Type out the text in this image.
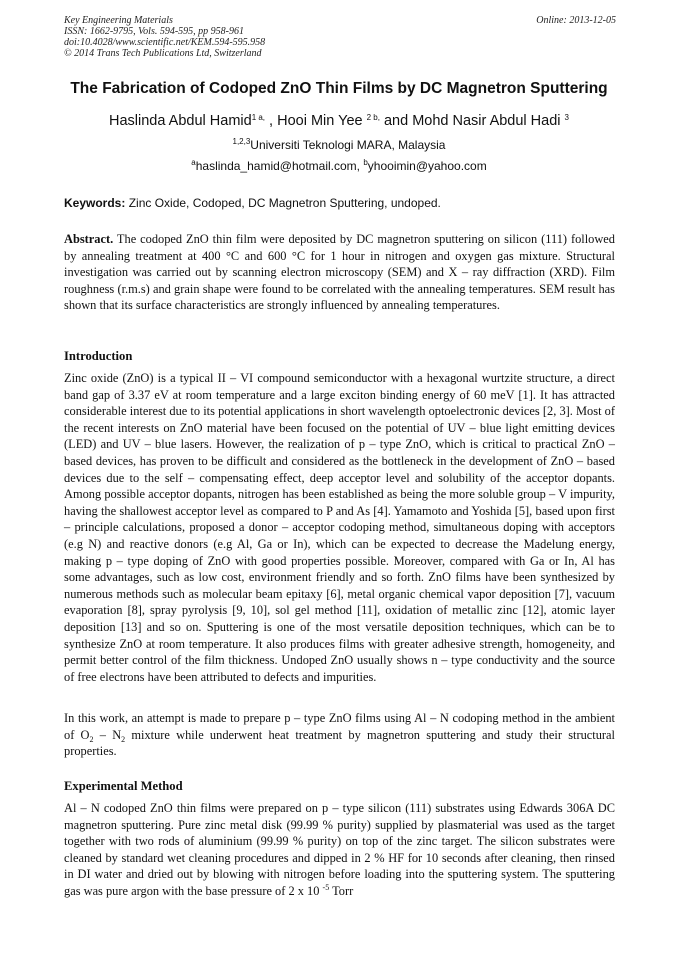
Key Engineering Materials
ISSN: 1662-9795, Vols. 594-595, pp 958-961
doi:10.4028/www.scientific.net/KEM.594-595.958
© 2014 Trans Tech Publications Ltd, Switzerland
Online: 2013-12-05
The Fabrication of Codoped ZnO Thin Films by DC Magnetron Sputtering
Haslinda Abdul Hamid$^{1 a,}$ , Hooi Min Yee $^{2 b,}$ and Mohd Nasir Abdul Hadi $^3$
$^{1,2,3}$Universiti Teknologi MARA, Malaysia
$^a$haslinda_hamid@hotmail.com, $^b$yhooimin@yahoo.com
Keywords: Zinc Oxide, Codoped, DC Magnetron Sputtering, undoped.
Abstract. The codoped ZnO thin film were deposited by DC magnetron sputtering on silicon (111) followed by annealing treatment at 400 °C and 600 °C for 1 hour in nitrogen and oxygen gas mixture. Structural investigation was carried out by scanning electron microscopy (SEM) and X – ray diffraction (XRD). Film roughness (r.m.s) and grain shape were found to be correlated with the annealing temperatures. SEM result has shown that its surface characteristics are strongly influenced by annealing temperatures.
Introduction
Zinc oxide (ZnO) is a typical II – VI compound semiconductor with a hexagonal wurtzite structure, a direct band gap of 3.37 eV at room temperature and a large exciton binding energy of 60 meV [1]. It has attracted considerable interest due to its potential applications in short wavelength optoelectronic devices [2, 3]. Most of the recent interests on ZnO material have been focused on the potential of UV – blue light emitting devices (LED) and UV – blue lasers. However, the realization of p – type ZnO, which is critical to practical ZnO – based devices, has proven to be difficult and considered as the bottleneck in the development of ZnO – based devices due to the self – compensating effect, deep acceptor level and solubility of the acceptor dopants. Among possible acceptor dopants, nitrogen has been established as being the more soluble group – V impurity, having the shallowest acceptor level as compared to P and As [4]. Yamamoto and Yoshida [5], based upon first – principle calculations, proposed a donor – acceptor codoping method, simultaneous doping with acceptors (e.g N) and reactive donors (e.g Al, Ga or In), which can be expected to decrease the Madelung energy, making p – type doping of ZnO with good properties possible. Moreover, compared with Ga or In, Al has some advantages, such as low cost, environment friendly and so forth. ZnO films have been synthesized by numerous methods such as molecular beam epitaxy [6], metal organic chemical vapor deposition [7], vacuum evaporation [8], spray pyrolysis [9, 10], sol gel method [11], oxidation of metallic zinc [12], atomic layer deposition [13] and so on. Sputtering is one of the most versatile deposition techniques, which can be to synthesize ZnO at room temperature. It also produces films with greater adhesive strength, homogeneity, and permit better control of the film thickness. Undoped ZnO usually shows n – type conductivity and the source of free electrons have been attributed to defects and impurities.
In this work, an attempt is made to prepare p – type ZnO films using Al – N codoping method in the ambient of $O_2 - N_2$ mixture while underwent heat treatment by magnetron sputtering and study their structural properties.
Experimental Method
Al – N codoped ZnO thin films were prepared on p – type silicon (111) substrates using Edwards 306A DC magnetron sputtering. Pure zinc metal disk (99.99 % purity) supplied by plasmaterial was used as the target together with two rods of aluminium (99.99 % purity) on top of the zinc target. The silicon substrates were cleaned by standard wet cleaning procedures and dipped in 2 % HF for 10 seconds after cleaning, then rinsed in DI water and dried out by blowing with nitrogen before loading into the sputtering system. The sputtering gas was pure argon with the base pressure of 2 x 10 $^{-5}$ Torr
